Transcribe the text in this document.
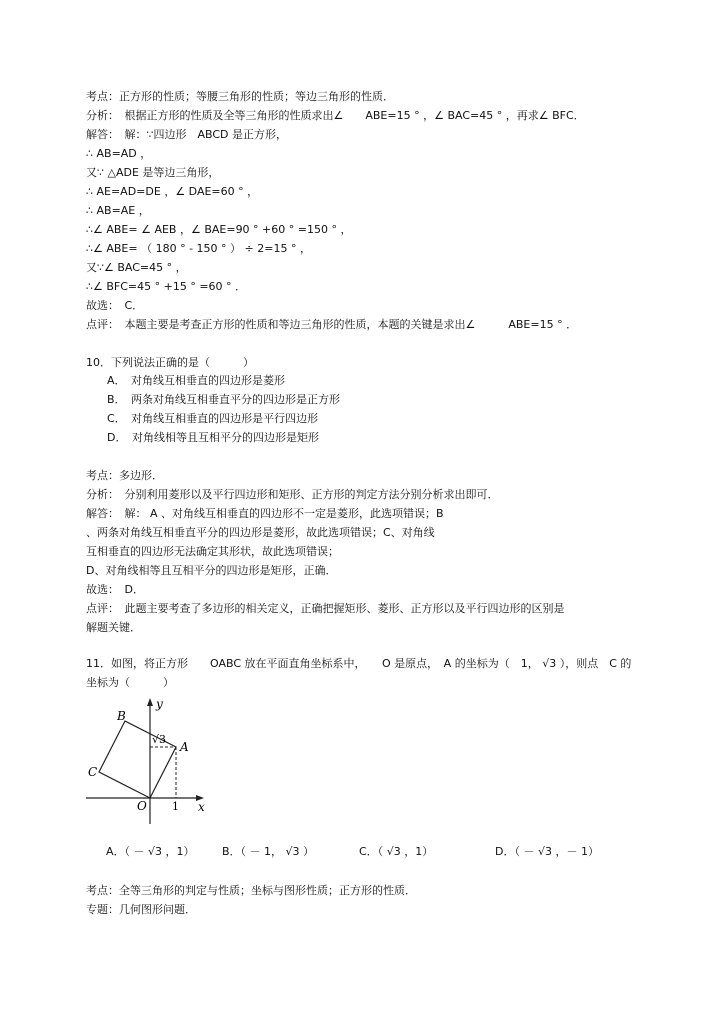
考点：正方形的性质；等腰三角形的性质；等边三角形的性质．
分析：　根据正方形的性质及全等三角形的性质求出∠　　ABE=15 ° ，∠ BAC=45 ° ，再求∠ BFC．
解答：　解：∵四边形　ABCD 是正方形，
∴ AB=AD ，
又∵ △ADE 是等边三角形，
∴ AE=AD=DE ，∠ DAE=60 ° ，
∴ AB=AE ，
∴∠ ABE= ∠ AEB ，∠ BAE=90 ° +60 ° =150 ° ，
∴∠ ABE= （ 180 ° - 150 ° ） ÷ 2=15 ° ，
又∵∠ BAC=45 ° ，
∴∠ BFC=45 ° +15 ° =60 ° ．
故选：　C．
点评：　本题主要是考查正方形的性质和等边三角形的性质，本题的关键是求出∠　　　ABE=15 ° ．
10．下列说法正确的是（　　　）
A．　对角线互相垂直的四边形是菱形
B．　两条对角线互相垂直平分的四边形是正方形
C．　对角线互相垂直的四边形是平行四边形
D．　对角线相等且互相平分的四边形是矩形
考点：多边形．
分析：　分别利用菱形以及平行四边形和矩形、正方形的判定方法分别分析求出即可．
解答：　解： A 、对角线互相垂直的四边形不一定是菱形，此选项错误；B
、两条对角线互相垂直平分的四边形是菱形，故此选项错误；C、对角线
互相垂直的四边形无法确定其形状，故此选项错误；
D、对角线相等且互相平分的四边形是矩形，正确．
故选：　D．
点评：　此题主要考查了多边形的相关定义，正确把握矩形、菱形、正方形以及平行四边形的区别是
解题关键．
11．如图，将正方形　　OABC 放在平面直角坐标系中，　　O 是原点，　A 的坐标为（　1， √3 ），则点　C 的
坐标为（　　　）
y
x
B
A
C
O 1
√3
A．（ － √3 ，1） B．（ － 1， √3 ）	C．（ √3 ，1）	D．（ － √3 ，－ 1）
考点：全等三角形的判定与性质；坐标与图形性质；正方形的性质．
专题：几何图形问题．
